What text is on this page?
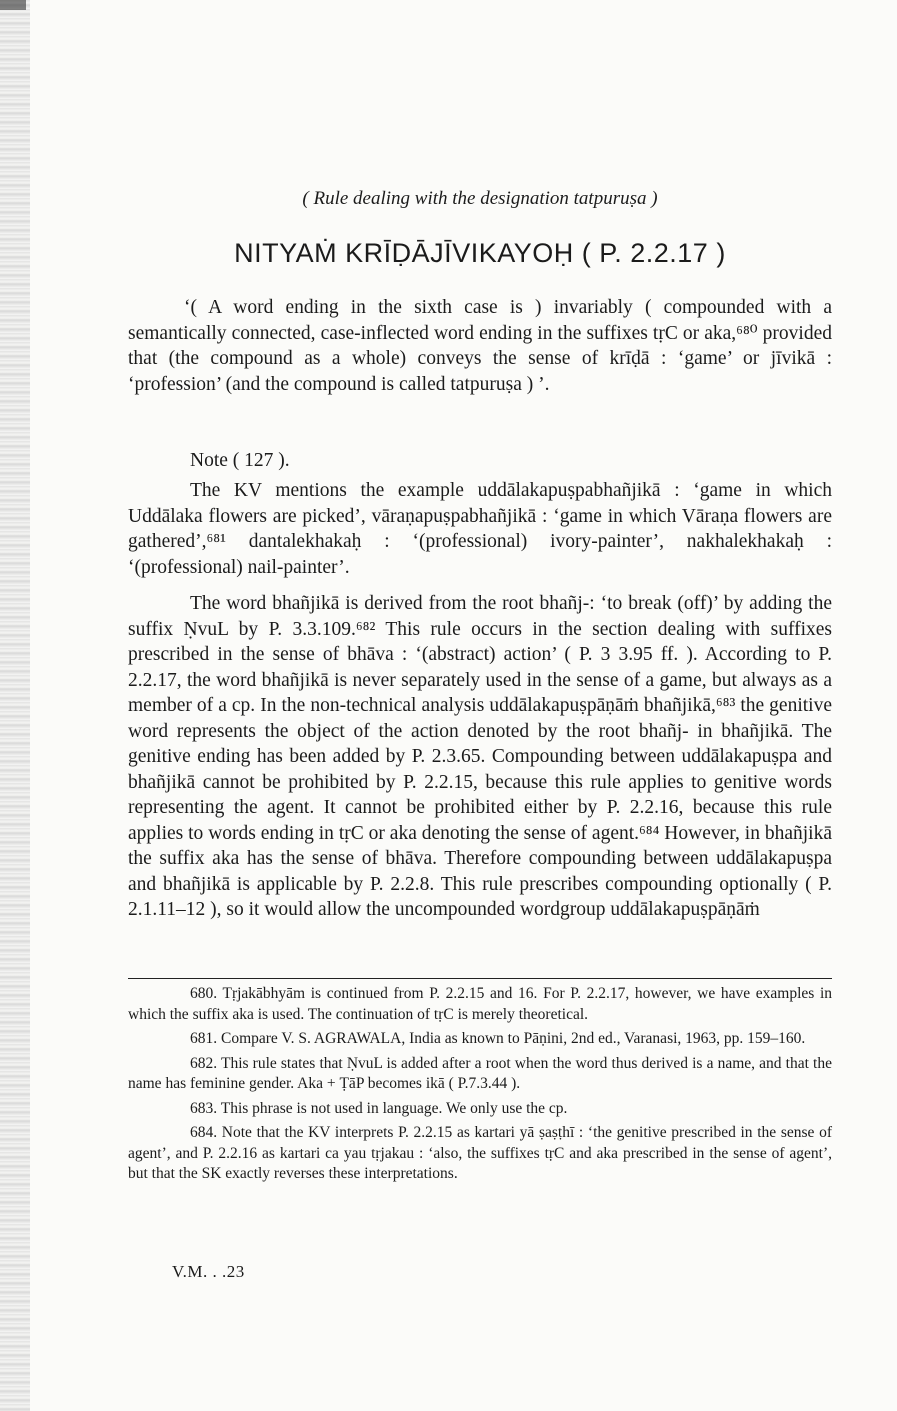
( Rule dealing with the designation tatpuruṣa )
NITYAṀ KRĪḌĀJĪVIKAYOḤ ( P. 2.2.17 )

‘( A word ending in the sixth case is ) invariably ( compounded with a semantically connected, case-inflected word ending in the suffixes tṛC or aka,⁶⁸⁰ provided that (the compound as a whole) conveys the sense of krīḍā : ‘game’ or jīvikā : ‘profession’ (and the compound is called tatpuruṣa ) ’.

Note ( 127 ).

The KV mentions the example uddālakapuṣpabhañjikā : ‘game in which Uddālaka flowers are picked’, vāraṇapuṣpabhañjikā : ‘game in which Vāraṇa flowers are gathered’,⁶⁸¹ dantalekhakaḥ : ‘(professional) ivory-painter’, nakhalekhakaḥ : ‘(professional) nail-painter’.

The word bhañjikā is derived from the root bhañj-: ‘to break (off)’ by adding the suffix ṆvuL by P. 3.3.109.⁶⁸² This rule occurs in the section dealing with suffixes prescribed in the sense of bhāva : ‘(abstract) action’ ( P. 3 3.95 ff. ). According to P. 2.2.17, the word bhañjikā is never separately used in the sense of a game, but always as a member of a cp. In the non-technical analysis uddālakapuṣpāṇāṁ bhañjikā,⁶⁸³ the genitive word represents the object of the action denoted by the root bhañj- in bhañjikā. The genitive ending has been added by P. 2.3.65. Compounding between uddālakapuṣpa and bhañjikā cannot be prohibited by P. 2.2.15, because this rule applies to genitive words representing the agent. It cannot be prohibited either by P. 2.2.16, because this rule applies to words ending in tṛC or aka denoting the sense of agent.⁶⁸⁴ However, in bhañjikā the suffix aka has the sense of bhāva. Therefore compounding between uddālakapuṣpa and bhañjikā is applicable by P. 2.2.8. This rule prescribes compounding optionally ( P. 2.1.11–12 ), so it would allow the uncompounded wordgroup uddālakapuṣpāṇāṁ

680. Tṛjakābhyām is continued from P. 2.2.15 and 16. For P. 2.2.17, however, we have examples in which the suffix aka is used. The continuation of tṛC is merely theoretical.

681. Compare V. S. AGRAWALA, India as known to Pāṇini, 2nd ed., Varanasi, 1963, pp. 159–160.

682. This rule states that ṆvuL is added after a root when the word thus derived is a name, and that the name has feminine gender. Aka + ṬāP becomes ikā ( P.7.3.44 ).

683. This phrase is not used in language. We only use the cp.

684. Note that the KV interprets P. 2.2.15 as kartari yā ṣaṣṭhī : ‘the genitive prescribed in the sense of agent’, and P. 2.2.16 as kartari ca yau tṛjakau : ‘also, the suffixes tṛC and aka prescribed in the sense of agent’, but that the SK exactly reverses these interpretations.

V.M. . .23
